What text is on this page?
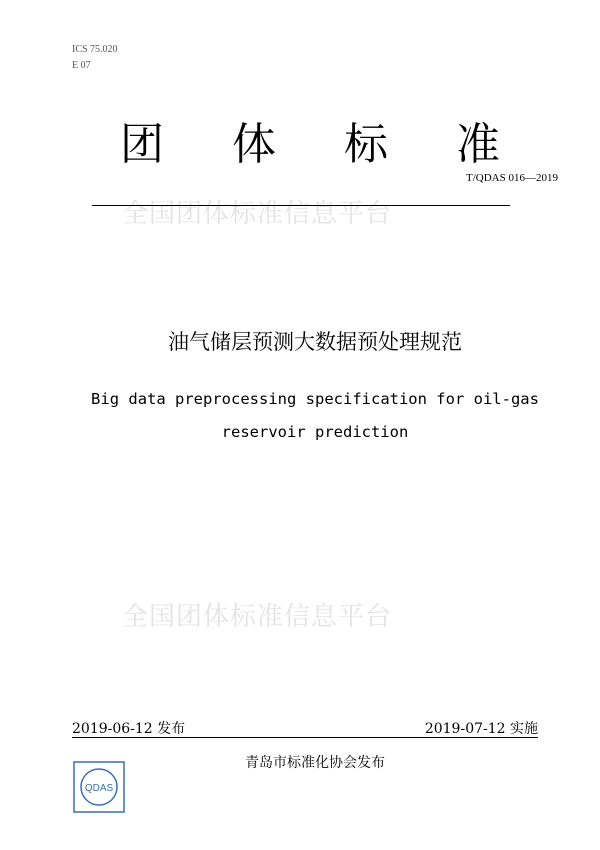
ICS 75.020
E 07
团 体 标 准
全国团体标准信息平台
T/QDAS 016—2019
油气储层预测大数据预处理规范
Big data preprocessing specification for oil-gas
reservoir prediction
全国团体标准信息平台
2019-06-12 发布	2019-07-12 实施
QDAS
青岛市标准化协会发布
